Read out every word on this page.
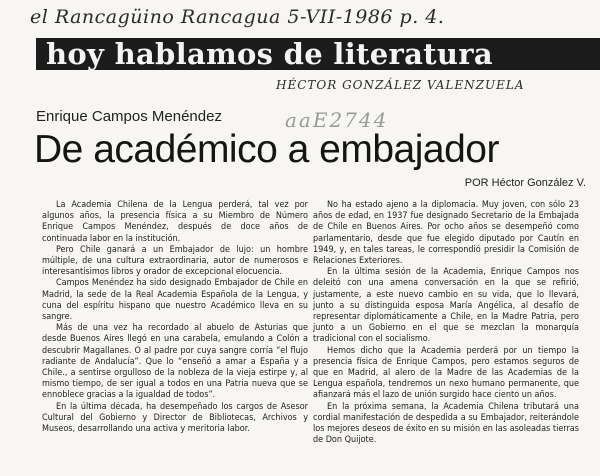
el Rancagüino Rancagua 5-VII-1986 p. 4.
hoy hablamos de literatura
HÉCTOR GONZÁLEZ VALENZUELA
aaE2744
Enrique Campos Menéndez
De académico a embajador
POR Héctor González V.

La Academia Chilena de la Lengua perderá, tal vez por algunos años, la presencia física a su Miembro de Número Enrique Campos Menéndez, después de doce años de continuada labor en la institución.

Pero Chile ganará a un Embajador de lujo: un hombre múltiple, de una cultura extraordinaria, autor de numerosos e interesantísimos libros y orador de excepcional elocuencia.

Campos Menéndez ha sido designado Embajador de Chile en Madrid, la sede de la Real Academia Española de la Lengua, y cuna del espíritu hispano que nuestro Académico lleva en su sangre.

Más de una vez ha recordado al abuelo de Asturias que desde Buenos Aires llegó en una carabela, emulando a Colón a descubrir Magallanes. O al padre por cuya sangre corría “el flujo radiante de Andalucía”. Que lo “enseñó a amar a España y a Chile., a sentirse orgulloso de la nobleza de la vieja estirpe y, al mismo tiempo, de ser igual a todos en una Patria nueva que se ennoblece gracias a la igualdad de todos”.

En la última década, ha desempeñado los cargos de Asesor Cultural del Gobierno y Director de Bibliotecas, Archivos y Museos, desarrollando una activa y meritoria labor.

No ha estado ajeno a la diplomacia. Muy joven, con sólo 23 años de edad, en 1937 fue designado Secretario de la Embajada de Chile en Buenos Aires. Por ocho años se desempeñó como parlamentario, desde que fue elegido diputado por Cautín en 1949, y, en tales tareas, le correspondió presidir la Comisión de Relaciones Exteriores.

En la última sesión de la Academia, Enrique Campos nos deleitó con una amena conversación en la que se refirió, justamente, a este nuevo cambio en su vida, que lo llevará, junto a su distinguida esposa María Angélica, al desafío de representar diplomáticamente a Chile, en la Madre Patria, pero junto a un Gobierno en el que se mezclan la monarquía tradicional con el socialismo.

Hemos dicho que la Academia perderá por un tiempo la presencia física de Enrique Campos, pero estamos seguros de que en Madrid, al alero de la Madre de las Academias de la Lengua española, tendremos un nexo humano permanente, que afianzará más el lazo de unión surgido hace ciento un años.

En la próxima semana, la Academia Chilena tributará una cordial manifestación de despedida a su Embajador, reiterándole los mejores deseos de éxito en su misión en las asoleadas tierras de Don Quijote.
